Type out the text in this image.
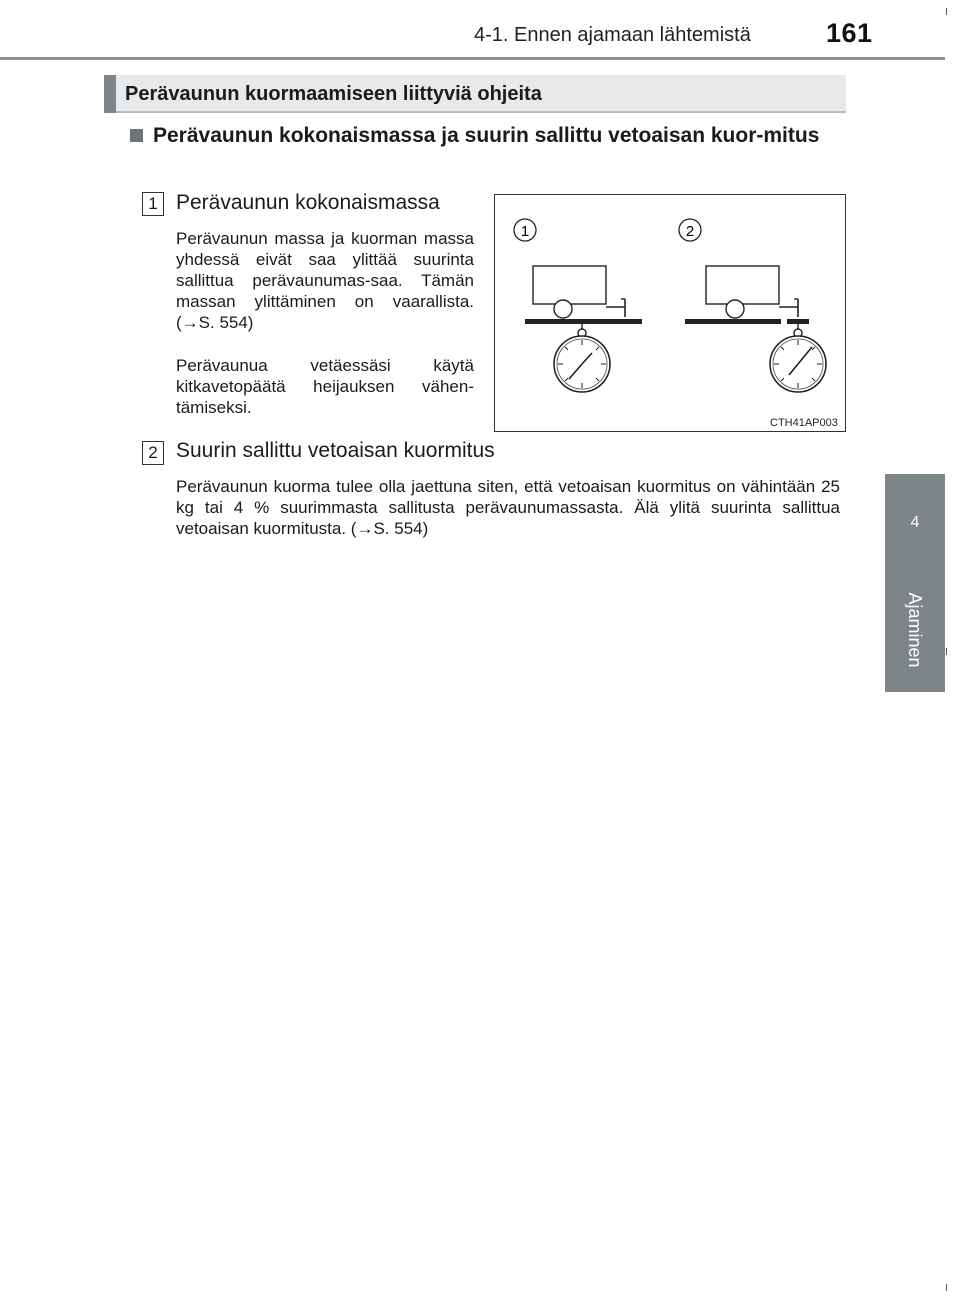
4-1. Ennen ajamaan lähtemistä	161
4
Ajaminen
Perävaunun kuormaamiseen liittyviä ohjeita
Perävaunun kokonaismassa ja suurin sallittu vetoaisan kuor-mitus
1 Perävaunun kokonaismassa
Perävaunun massa ja kuorman massa yhdessä eivät saa ylittää suurinta sallittua perävaunumas-saa. Tämän massan ylittäminen on vaarallista. (→S. 554)
Perävaunua vetäessäsi käytä kitkavetopäätä heijauksen vähen-tämiseksi.
2 Suurin sallittu vetoaisan kuormitus
Perävaunun kuorma tulee olla jaettuna siten, että vetoaisan kuormitus on vähintään 25 kg tai 4 % suurimmasta sallitusta perävaunumassasta. Älä ylitä suurinta sallittua vetoaisan kuormitusta. (→S. 554)
1	2
CTH41AP003
